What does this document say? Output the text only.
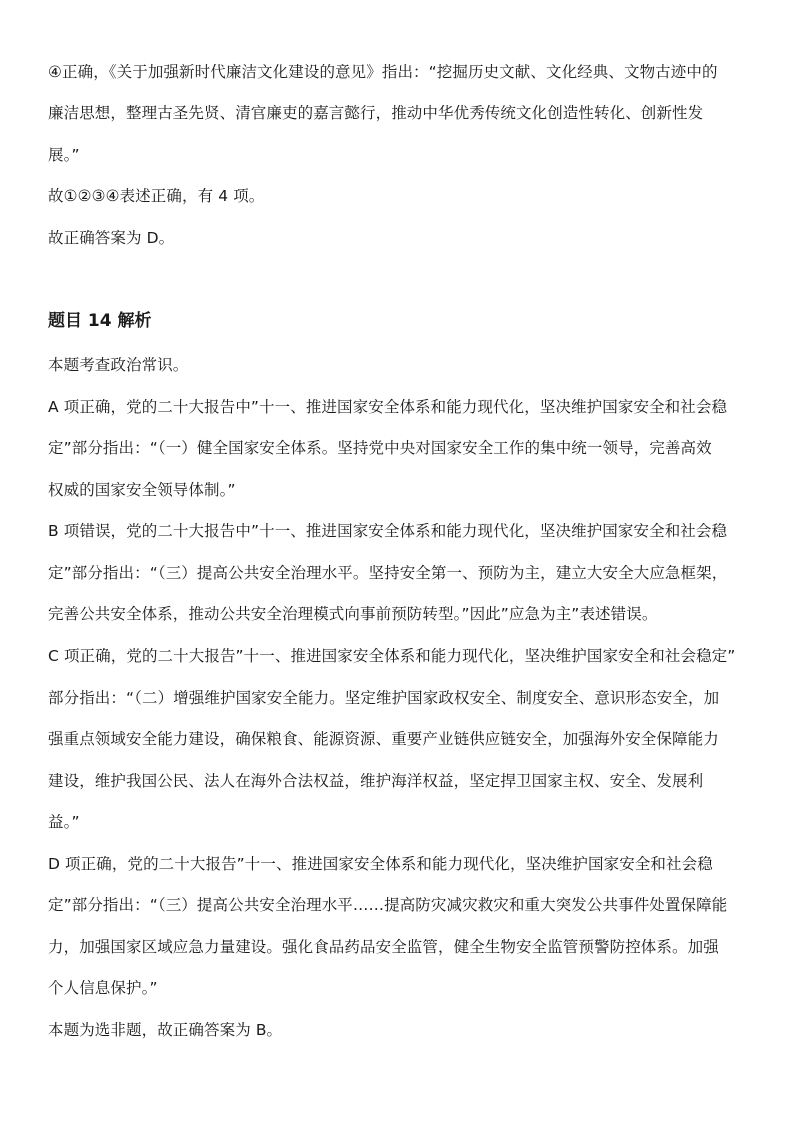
④正确，《关于加强新时代廉洁文化建设的意见》指出：“挖掘历史文献、文化经典、文物古迹中的
廉洁思想，整理古圣先贤、清官廉吏的嘉言懿行，推动中华优秀传统文化创造性转化、创新性发
展。”
故①②③④表述正确，有 4 项。
故正确答案为 D。
题目 14 解析
本题考查政治常识。
A 项正确，党的二十大报告中”十一、推进国家安全体系和能力现代化，坚决维护国家安全和社会稳
定”部分指出：“（一）健全国家安全体系。坚持党中央对国家安全工作的集中统一领导，完善高效
权威的国家安全领导体制。”
B 项错误，党的二十大报告中”十一、推进国家安全体系和能力现代化，坚决维护国家安全和社会稳
定”部分指出：“（三）提高公共安全治理水平。坚持安全第一、预防为主，建立大安全大应急框架，
完善公共安全体系，推动公共安全治理模式向事前预防转型。”因此”应急为主”表述错误。
C 项正确，党的二十大报告”十一、推进国家安全体系和能力现代化，坚决维护国家安全和社会稳定”
部分指出：“（二）增强维护国家安全能力。坚定维护国家政权安全、制度安全、意识形态安全，加
强重点领域安全能力建设，确保粮食、能源资源、重要产业链供应链安全，加强海外安全保障能力
建设，维护我国公民、法人在海外合法权益，维护海洋权益，坚定捍卫国家主权、安全、发展利
益。”
D 项正确，党的二十大报告”十一、推进国家安全体系和能力现代化，坚决维护国家安全和社会稳
定”部分指出：“（三）提高公共安全治理水平……提高防灾减灾救灾和重大突发公共事件处置保障能
力，加强国家区域应急力量建设。强化食品药品安全监管，健全生物安全监管预警防控体系。加强
个人信息保护。”
本题为选非题，故正确答案为 B。
